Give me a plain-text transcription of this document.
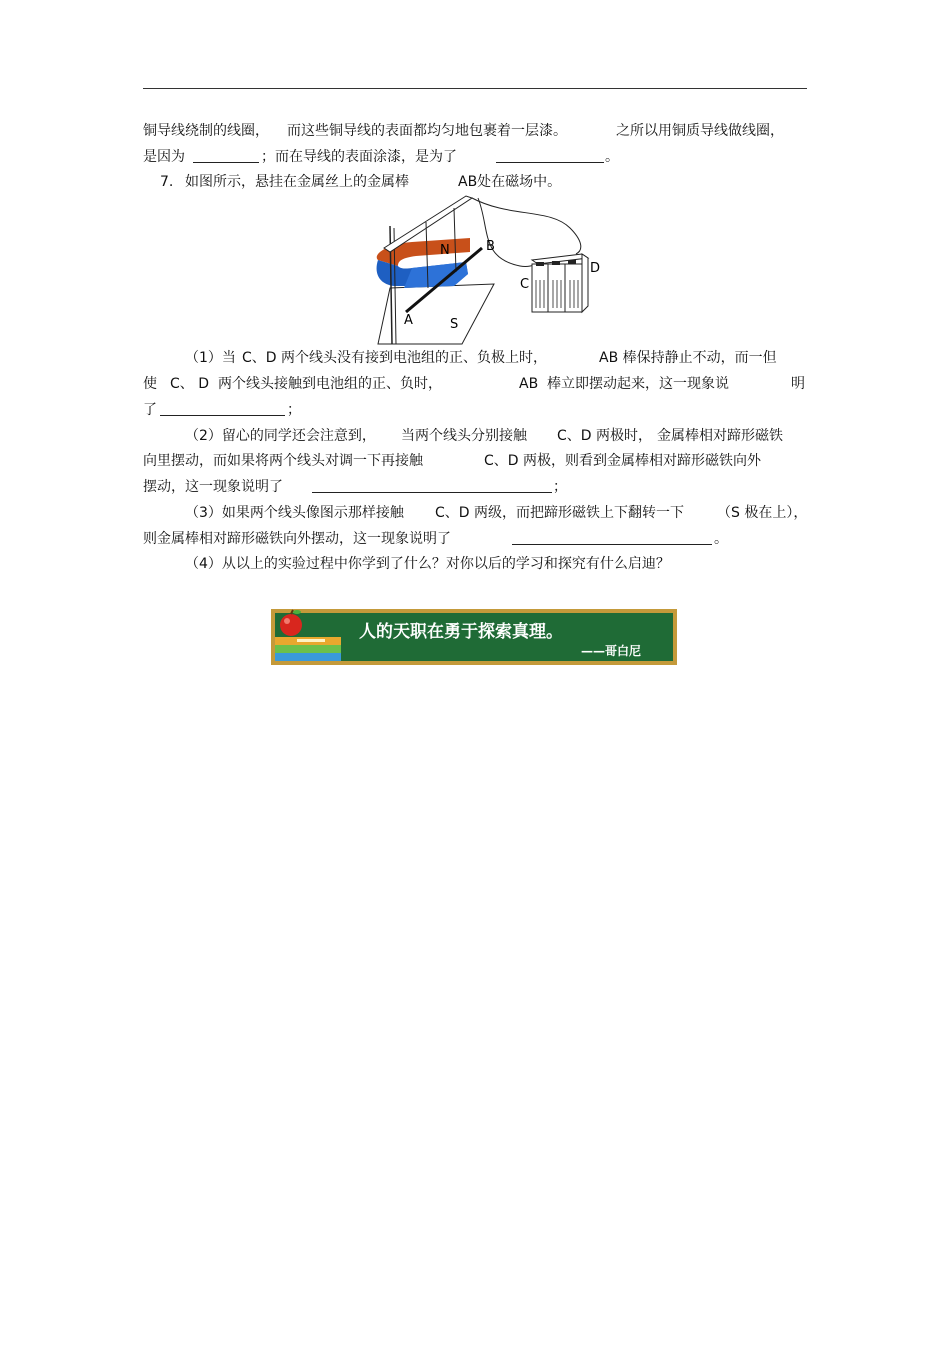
铜导线绕制的线圈， 而这些铜导线的表面都均匀地包裹着一层漆。	之所以用铜质导线做线圈，
是因为	；而在导线的表面涂漆，是为了	。
7. 如图所示，悬挂在金属丝上的金属棒	AB处在磁场中。
N
S
A
B
C
D
（1）当 C、D 两个线头没有接到电池组的正、负极上时，	AB 棒保持静止不动，而一但
使 C、 D 两个线头接触到电池组的正、负时，	AB 棒立即摆动起来，这一现象说	明
了	；
（2）留心的同学还会注意到， 当两个线头分别接触 C、D 两极时， 金属棒相对蹄形磁铁
向里摆动，而如果将两个线头对调一下再接触	C、D 两极，则看到金属棒相对蹄形磁铁向外
摆动，这一现象说明了	；
（3）如果两个线头像图示那样接触 C、D 两级，而把蹄形磁铁上下翻转一下 （S 极在上），
则金属棒相对蹄形磁铁向外摆动，这一现象说明了	。
（4）从以上的实验过程中你学到了什么？对你以后的学习和探究有什么启迪？
人的天职在勇于探索真理。
——哥白尼
